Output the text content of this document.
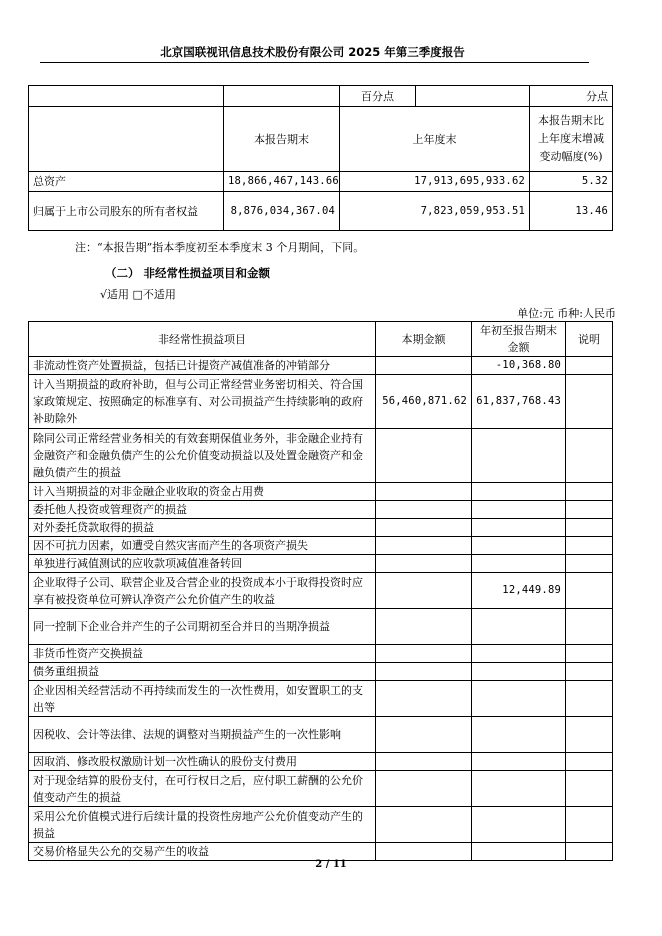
北京国联视讯信息技术股份有限公司 2025 年第三季度报告
		百分点		分点
	本报告期末	上年度末		本报告期末比上年度末增减变动幅度(%)
总资产	18,866,467,143.66	17,913,695,933.62		5.32
归属于上市公司股东的所有者权益	8,876,034,367.04	7,823,059,953.51		13.46
注：“本报告期”指本季度初至本季度末 3 个月期间，下同。
（二） 非经常性损益项目和金额
√适用 □不适用
单位:元 币种:人民币
非经常性损益项目	本期金额	年初至报告期末金额	说明
非流动性资产处置损益，包括已计提资产减值准备的冲销部分		-10,368.80	
计入当期损益的政府补助，但与公司正常经营业务密切相关、符合国家政策规定、按照确定的标准享有、对公司损益产生持续影响的政府补助除外	56,460,871.62	61,837,768.43	
除同公司正常经营业务相关的有效套期保值业务外，非金融企业持有金融资产和金融负债产生的公允价值变动损益以及处置金融资产和金融负债产生的损益			
计入当期损益的对非金融企业收取的资金占用费			
委托他人投资或管理资产的损益			
对外委托贷款取得的损益			
因不可抗力因素，如遭受自然灾害而产生的各项资产损失			
单独进行减值测试的应收款项减值准备转回			
企业取得子公司、联营企业及合营企业的投资成本小于取得投资时应享有被投资单位可辨认净资产公允价值产生的收益		12,449.89	
同一控制下企业合并产生的子公司期初至合并日的当期净损益			
非货币性资产交换损益			
债务重组损益			
企业因相关经营活动不再持续而发生的一次性费用，如安置职工的支出等			
因税收、会计等法律、法规的调整对当期损益产生的一次性影响			
因取消、修改股权激励计划一次性确认的股份支付费用			
对于现金结算的股份支付，在可行权日之后，应付职工薪酬的公允价值变动产生的损益			
采用公允价值模式进行后续计量的投资性房地产公允价值变动产生的损益			
交易价格显失公允的交易产生的收益			
2 / 11
